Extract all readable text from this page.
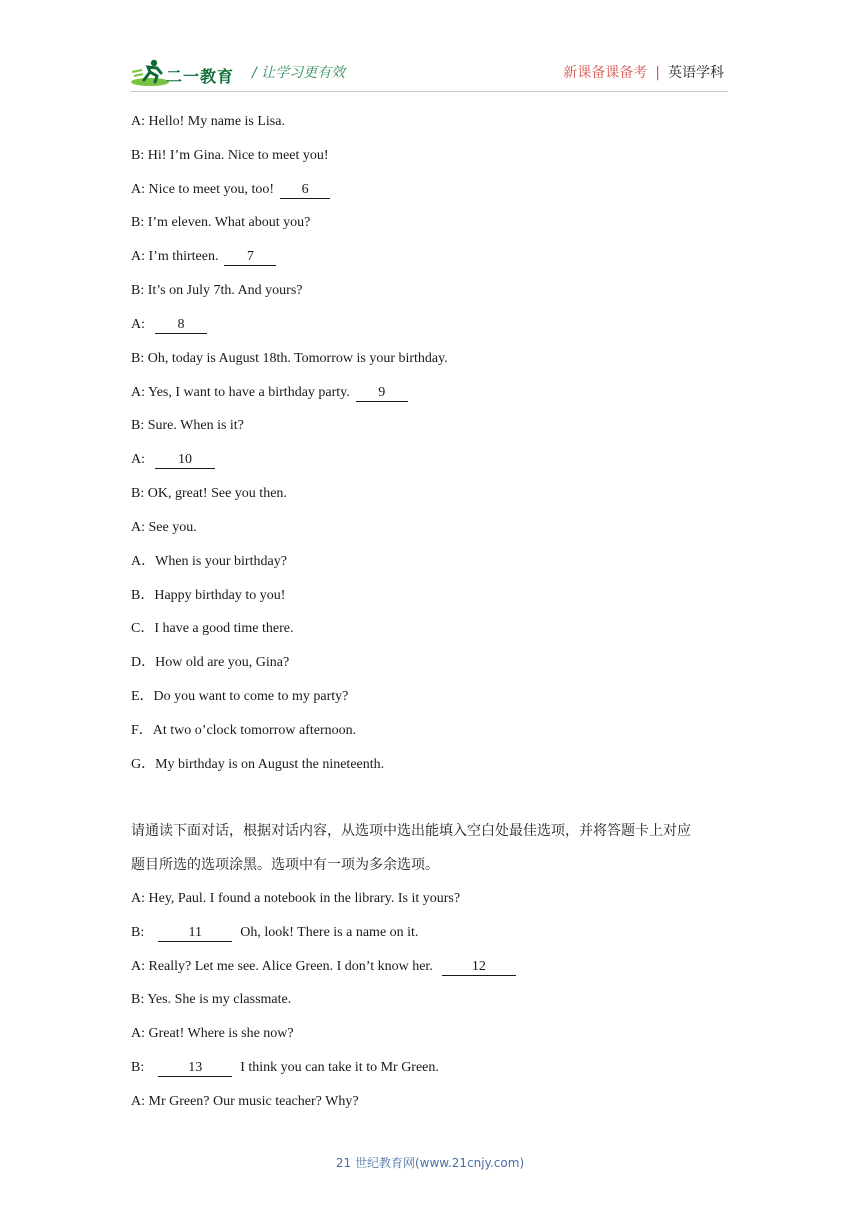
二一教育 / 让学习更有效	新课备课备考 | 英语学科
A: Hello! My name is Lisa.
B: Hi! I’m Gina. Nice to meet you!
A: Nice to meet you, too! 6
B: I’m eleven. What about you?
A: I’m thirteen. 7
B: It’s on July 7th. And yours?
A: 8
B: Oh, today is August 18th. Tomorrow is your birthday.
A: Yes, I want to have a birthday party. 9
B: Sure. When is it?
A: 10
B: OK, great! See you then.
A: See you.
A．When is your birthday?
B．Happy birthday to you!
C．I have a good time there.
D．How old are you, Gina?
E．Do you want to come to my party?
F．At two o’clock tomorrow afternoon.
G．My birthday is on August the nineteenth.
请通读下面对话，根据对话内容，从选项中选出能填入空白处最佳选项，并将答题卡上对应
题目所选的选项涂黑。选项中有一项为多余选项。
A: Hey, Paul. I found a notebook in the library. Is it yours?
B:	11	Oh, look! There is a name on it.
A: Really? Let me see. Alice Green. I don’t know her.	12
B: Yes. She is my classmate.
A: Great! Where is she now?
B:	13	I think you can take it to Mr Green.
A: Mr Green? Our music teacher? Why?
21 世纪教育网(www.21cnjy.com)
